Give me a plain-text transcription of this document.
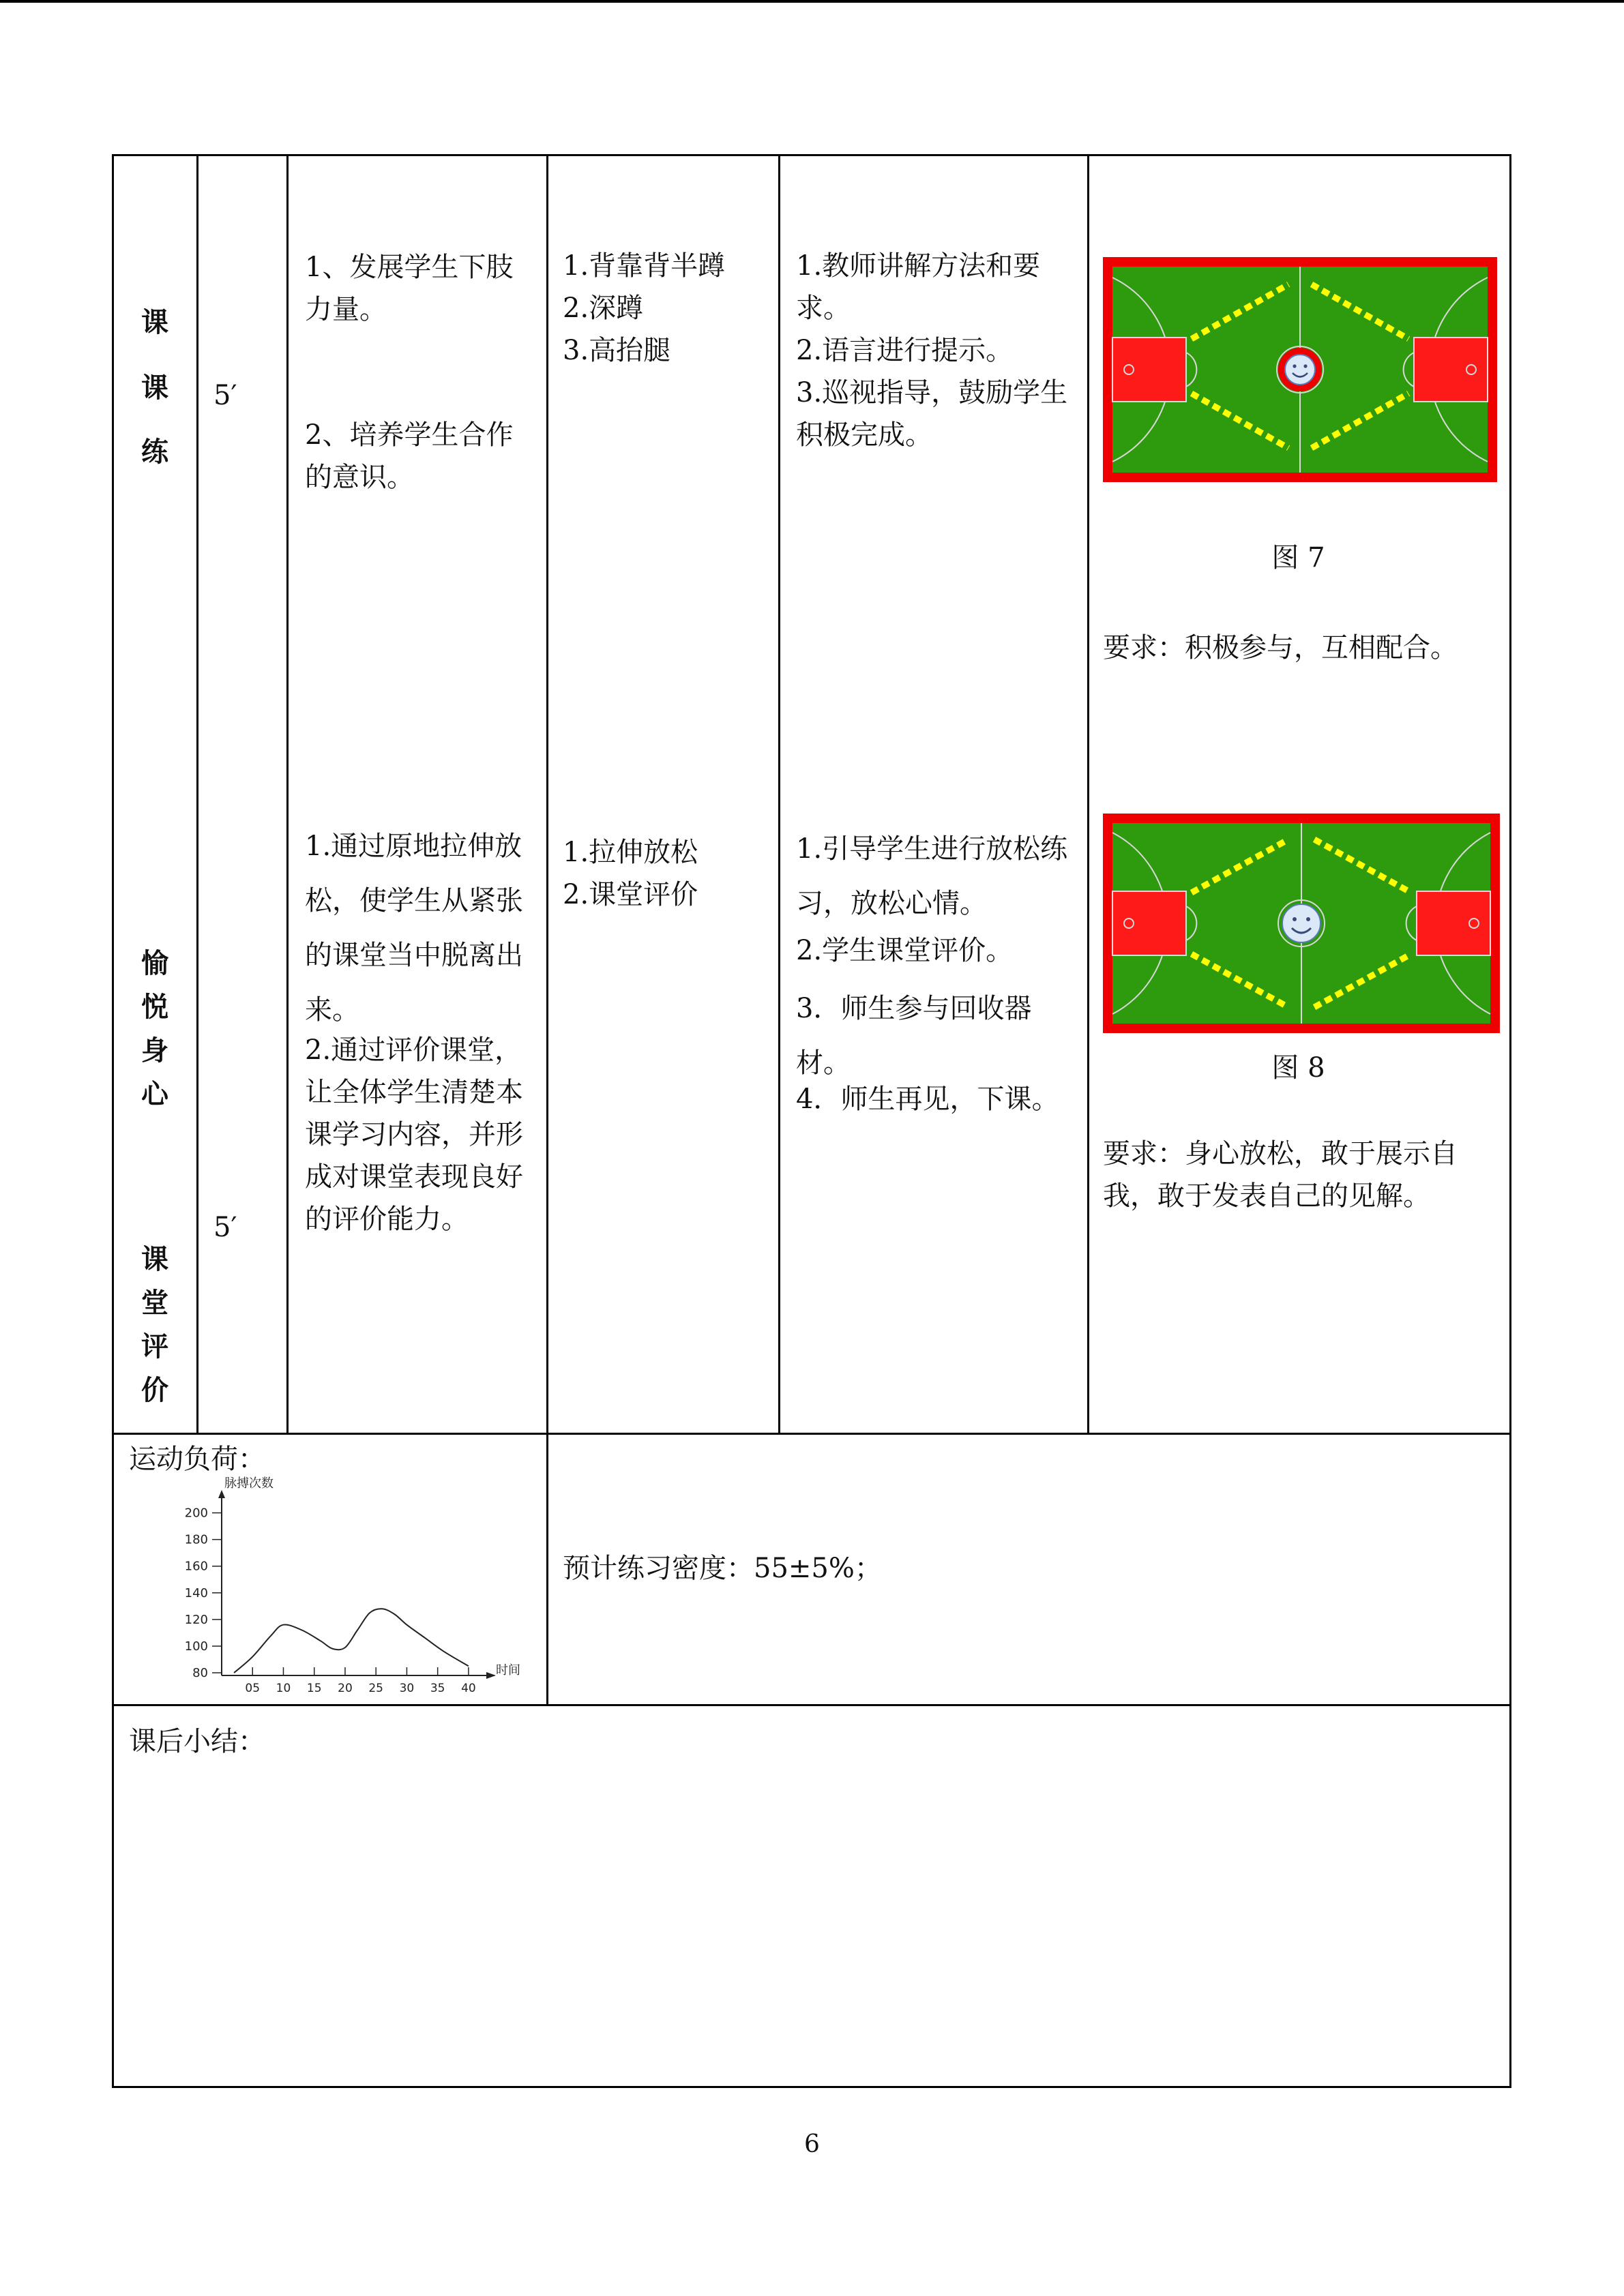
课
课
练
愉
悦
身
心
课
堂
评
价
5′
5′
1、发展学生下肢力量。
2、培养学生合作的意识。
1.通过原地拉伸放松，使学生从紧张的课堂当中脱离出来。
2.通过评价课堂，让全体学生清楚本课学习内容，并形成对课堂表现良好的评价能力。
1.背靠背半蹲
2.深蹲
3.高抬腿
1.拉伸放松
2.课堂评价
1.教师讲解方法和要求。
2.语言进行提示。
3.巡视指导，鼓励学生积极完成。
1.引导学生进行放松练习，放松心情。
2.学生课堂评价。
3．师生参与回收器材。
4．师生再见，下课。
图 7
要求：积极参与，互相配合。
图 8
要求：身心放松，敢于展示自我，敢于发表自己的见解。
运动负荷：
脉搏次数
时间
80
100
120
140
160
180
200
05 10 15 20 25 30 35 40
预计练习密度：55±5%；
课后小结：
6
